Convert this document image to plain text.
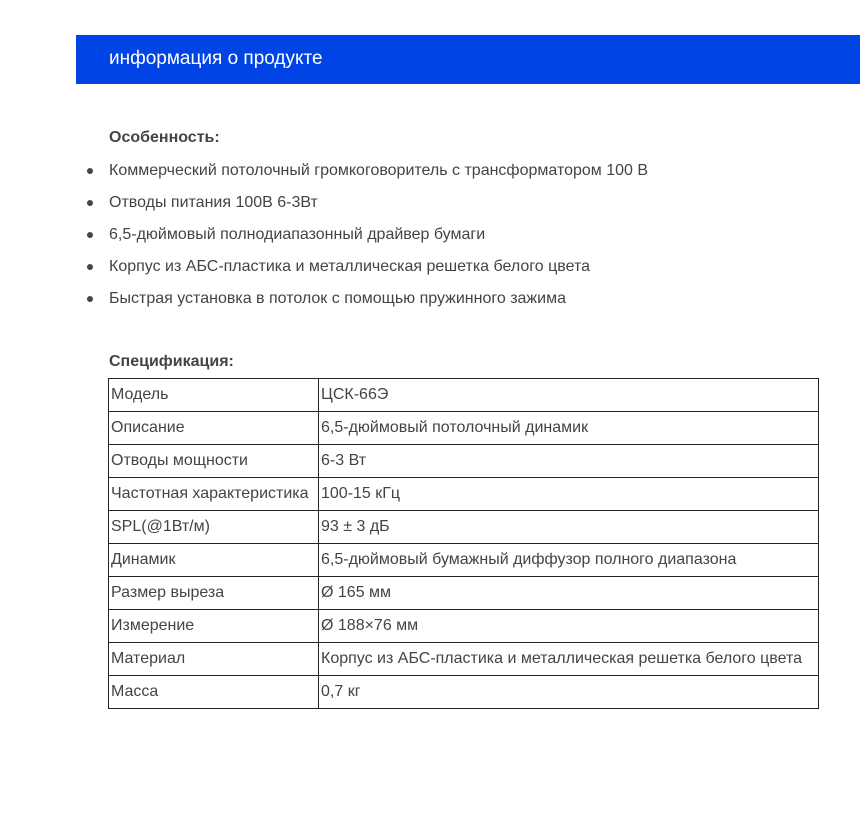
информация о продукте
Особенность:
Коммерческий потолочный громкоговоритель с трансформатором 100 В
Отводы питания 100В 6-3Вт
6,5-дюймовый полнодиапазонный драйвер бумаги
Корпус из АБС-пластика и металлическая решетка белого цвета
Быстрая установка в потолок с помощью пружинного зажима
Спецификация:
Модель	ЦСК-66Э
Описание	6,5-дюймовый потолочный динамик
Отводы мощности	6-3 Вт
Частотная характеристика	100-15 кГц
SPL(@1Вт/м)	93 ± 3 дБ
Динамик	6,5-дюймовый бумажный диффузор полного диапазона
Размер выреза	Ø 165 мм
Измерение	Ø 188×76 мм
Материал	Корпус из АБС-пластика и металлическая решетка белого цвета
Масса	0,7 кг
